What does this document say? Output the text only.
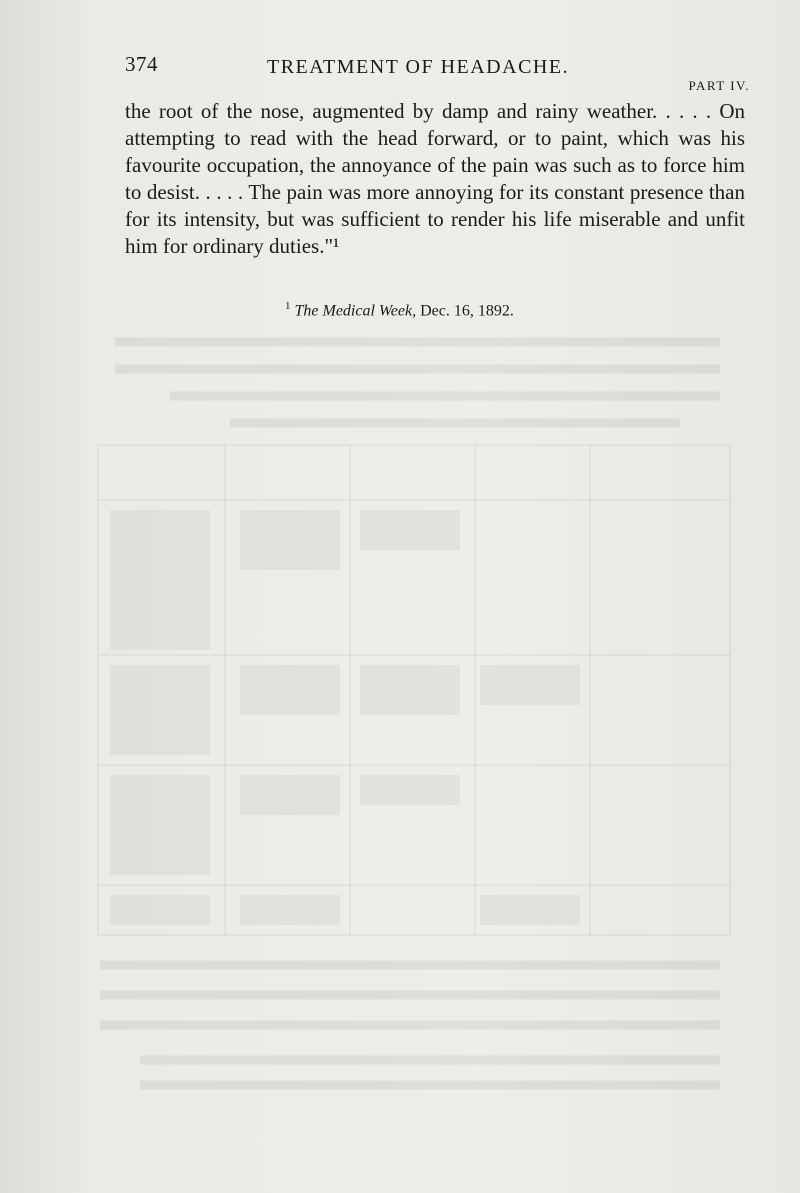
374	TREATMENT OF HEADACHE.
PART IV.

the root of the nose, augmented by damp and rainy weather. . . . . On attempting to read with the head forward, or to paint, which was his favourite occupation, the annoyance of the pain was such as to force him to desist. . . . . The pain was more annoying for its constant presence than for its intensity, but was sufficient to render his life miserable and unfit him for ordinary duties."¹

$^1$ The Medical Week, Dec. 16, 1892.
